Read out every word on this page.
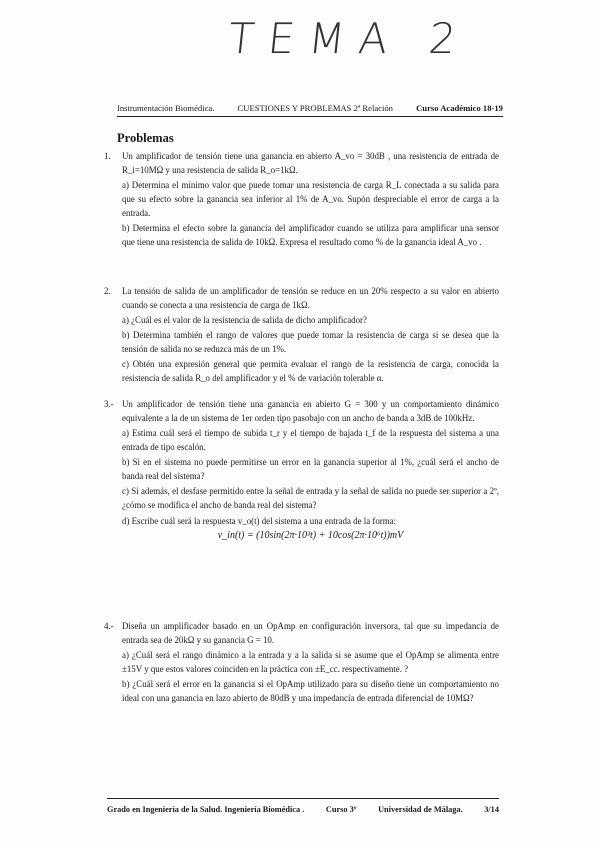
TEMA 2
Instrumentación Biomédica.	CUESTIONES Y PROBLEMAS 2ª Relación	Curso Académico 18-19
Problemas
1. Un amplificador de tensión tiene una ganancia en abierto A_vo = 30dB , una resistencia de entrada de R_i=10MΩ y una resistencia de salida R_o=1kΩ.

a) Determina el mínimo valor que puede tomar una resistencia de carga R_L conectada a su salida para que su efecto sobre la ganancia sea inferior al 1% de A_vo. Supón despreciable el error de carga a la entrada.

b) Determina el efecto sobre la ganancia del amplificador cuando se utiliza para amplificar una sensor que tiene una resistencia de salida de 10kΩ. Expresa el resultado como % de la ganancia ideal A_vo .

2. La tensión de salida de un amplificador de tensión se reduce en un 20% respecto a su valor en abierto cuando se conecta a una resistencia de carga de 1kΩ.

a) ¿Cuál es el valor de la resistencia de salida de dicho amplificador?

b) Determina también el rango de valores que puede tomar la resistencia de carga si se desea que la tensión de salida no se reduzca más de un 1%.

c) Obtén una expresión general que permita evaluar el rango de la resistencia de carga, conocida la resistencia de salida R_o del amplificador y el % de variación tolerable α.

3.- Un amplificador de tensión tiene una ganancia en abierto G = 300 y un comportamiento dinámico equivalente a la de un sistema de 1er orden tipo pasobajo con un ancho de banda a 3dB de 100kHz.

a) Estima cuál será el tiempo de subida t_r y el tiempo de bajada t_f de la respuesta del sistema a una entrada de tipo escalón.

b) Si en el sistema no puede permitirse un error en la ganancia superior al 1%, ¿cuál será el ancho de banda real del sistema?

c) Si además, el desfase permitido entre la señal de entrada y la señal de salida no puede ser superior a 2º, ¿cómo se modifica el ancho de banda real del sistema?

d) Escribe cuál será la respuesta v_o(t) del sistema a una entrada de la forma:

v_in(t) = (10sin(2π·10³t) + 10cos(2π·10⁶t))mV

4.- Diseña un amplificador basado en un OpAmp en configuración inversora, tal que su impedancia de entrada sea de 20kΩ y su ganancia G = 10.

a) ¿Cuál será el rango dinámico a la entrada y a la salida si se asume que el OpAmp se alimenta entre ±15V y que estos valores coinciden en la práctica con ±E_cc. respectivamente. ?

b) ¿Cuál será el error en la ganancia si el OpAmp utilizado para su diseño tiene un comportamiento no ideal con una ganancia en lazo abierto de 80dB y una impedancia de entrada diferencial de 10MΩ?

Grado en Ingeniería de la Salud. Ingeniería Biomédica .	Curso 3º	Universidad de Málaga.	3/14
